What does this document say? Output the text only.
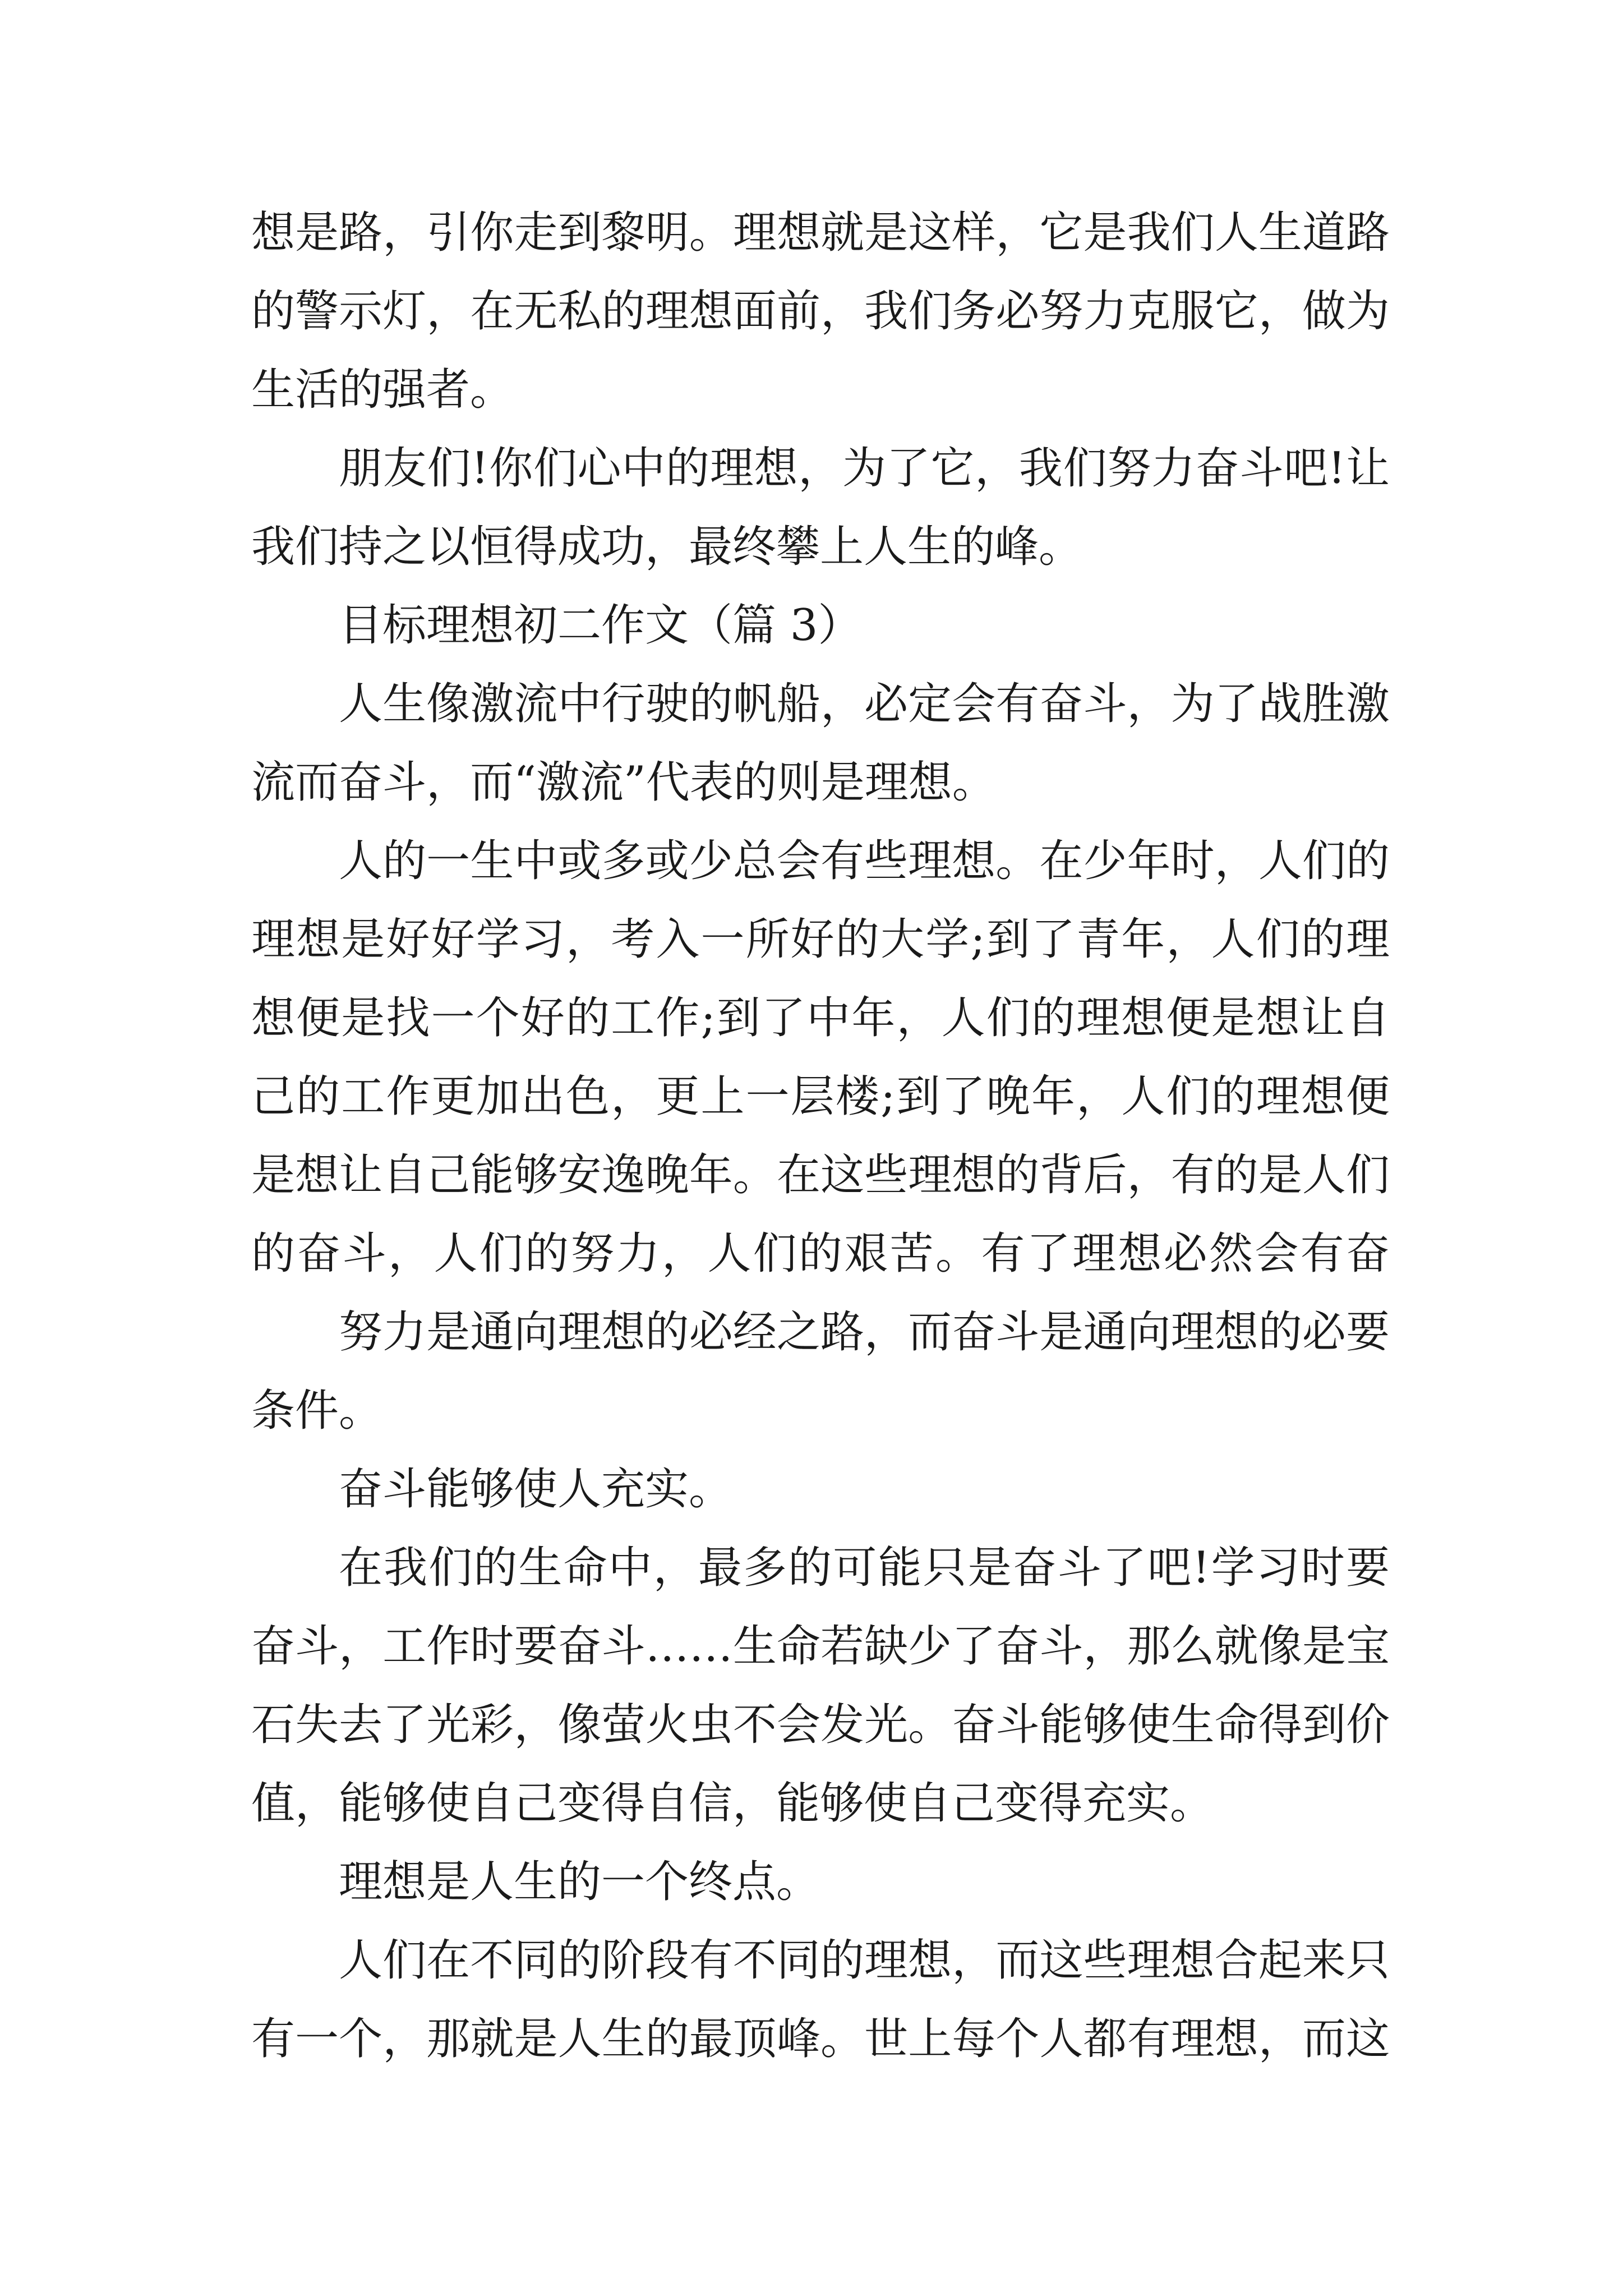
想是路，引你走到黎明。理想就是这样，它是我们人生道路
的警示灯，在无私的理想面前，我们务必努力克服它，做为
生活的强者。
朋友们!你们心中的理想，为了它，我们努力奋斗吧!让
我们持之以恒得成功，最终攀上人生的峰。
目标理想初二作文（篇 3）
人生像激流中行驶的帆船，必定会有奋斗，为了战胜激
流而奋斗，而“激流”代表的则是理想。
人的一生中或多或少总会有些理想。在少年时，人们的
理想是好好学习，考入一所好的大学;到了青年，人们的理
想便是找一个好的工作;到了中年，人们的理想便是想让自
己的工作更加出色，更上一层楼;到了晚年，人们的理想便
是想让自己能够安逸晚年。在这些理想的背后，有的是人们
的奋斗，人们的努力，人们的艰苦。有了理想必然会有奋
努力是通向理想的必经之路，而奋斗是通向理想的必要
条件。
奋斗能够使人充实。
在我们的生命中，最多的可能只是奋斗了吧!学习时要
奋斗，工作时要奋斗……生命若缺少了奋斗，那么就像是宝
石失去了光彩，像萤火虫不会发光。奋斗能够使生命得到价
值，能够使自己变得自信，能够使自己变得充实。
理想是人生的一个终点。
人们在不同的阶段有不同的理想，而这些理想合起来只
有一个，那就是人生的最顶峰。世上每个人都有理想，而这
